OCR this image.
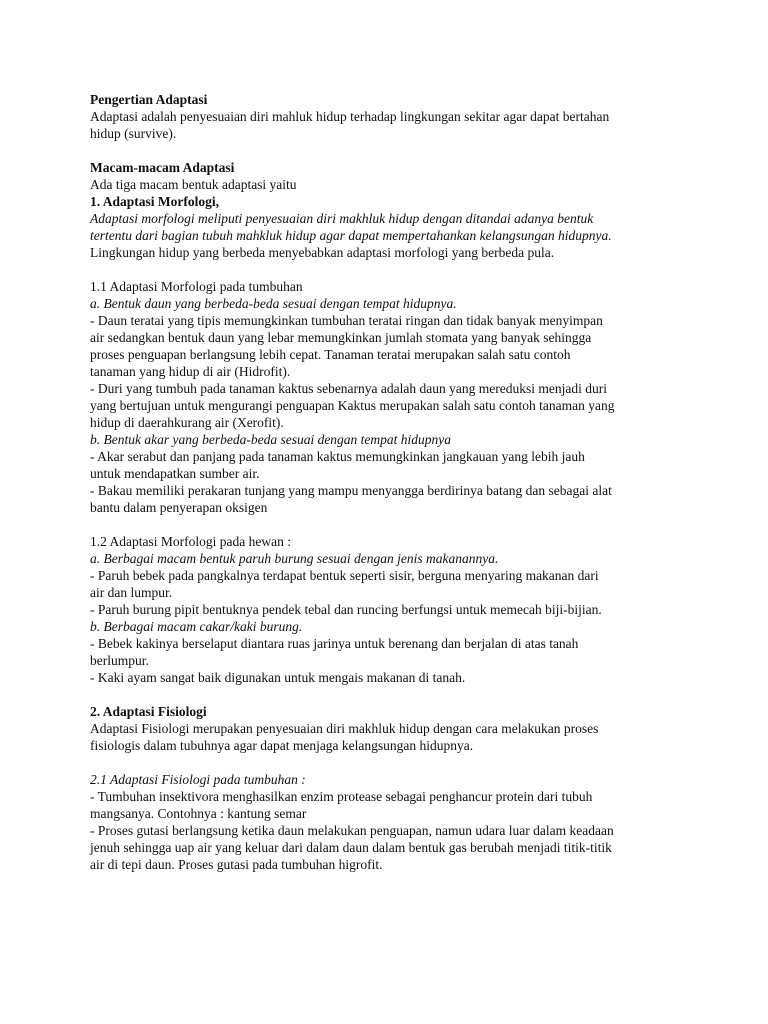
Pengertian Adaptasi
Adaptasi adalah penyesuaian diri mahluk hidup terhadap lingkungan sekitar agar dapat bertahan
hidup (survive).
Macam-macam Adaptasi
Ada tiga macam bentuk adaptasi yaitu
1. Adaptasi Morfologi,
Adaptasi morfologi meliputi penyesuaian diri makhluk hidup dengan ditandai adanya bentuk
tertentu dari bagian tubuh mahkluk hidup agar dapat mempertahankan kelangsungan hidupnya.
Lingkungan hidup yang berbeda menyebabkan adaptasi morfologi yang berbeda pula.
1.1 Adaptasi Morfologi pada tumbuhan
a. Bentuk daun yang berbeda-beda sesuai dengan tempat hidupnya.
- Daun teratai yang tipis memungkinkan tumbuhan teratai ringan dan tidak banyak menyimpan
air sedangkan bentuk daun yang lebar memungkinkan jumlah stomata yang banyak sehingga
proses penguapan berlangsung lebih cepat. Tanaman teratai merupakan salah satu contoh
tanaman yang hidup di air (Hidrofit).
- Duri yang tumbuh pada tanaman kaktus sebenarnya adalah daun yang mereduksi menjadi duri
yang bertujuan untuk mengurangi penguapan Kaktus merupakan salah satu contoh tanaman yang
hidup di daerahkurang air (Xerofit).
b. Bentuk akar yang berbeda-beda sesuai dengan tempat hidupnya
- Akar serabut dan panjang pada tanaman kaktus memungkinkan jangkauan yang lebih jauh
untuk mendapatkan sumber air.
- Bakau memiliki perakaran tunjang yang mampu menyangga berdirinya batang dan sebagai alat
bantu dalam penyerapan oksigen
1.2 Adaptasi Morfologi pada hewan :
a. Berbagai macam bentuk paruh burung sesuai dengan jenis makanannya.
- Paruh bebek pada pangkalnya terdapat bentuk seperti sisir, berguna menyaring makanan dari
air dan lumpur.
- Paruh burung pipit bentuknya pendek tebal dan runcing berfungsi untuk memecah biji-bijian.
b. Berbagai macam cakar/kaki burung.
- Bebek kakinya berselaput diantara ruas jarinya untuk berenang dan berjalan di atas tanah
berlumpur.
- Kaki ayam sangat baik digunakan untuk mengais makanan di tanah.
2. Adaptasi Fisiologi
Adaptasi Fisiologi merupakan penyesuaian diri makhluk hidup dengan cara melakukan proses
fisiologis dalam tubuhnya agar dapat menjaga kelangsungan hidupnya.
2.1 Adaptasi Fisiologi pada tumbuhan :
- Tumbuhan insektivora menghasilkan enzim protease sebagai penghancur protein dari tubuh
mangsanya. Contohnya : kantung semar
- Proses gutasi berlangsung ketika daun melakukan penguapan, namun udara luar dalam keadaan
jenuh sehingga uap air yang keluar dari dalam daun dalam bentuk gas berubah menjadi titik-titik
air di tepi daun. Proses gutasi pada tumbuhan higrofit.
